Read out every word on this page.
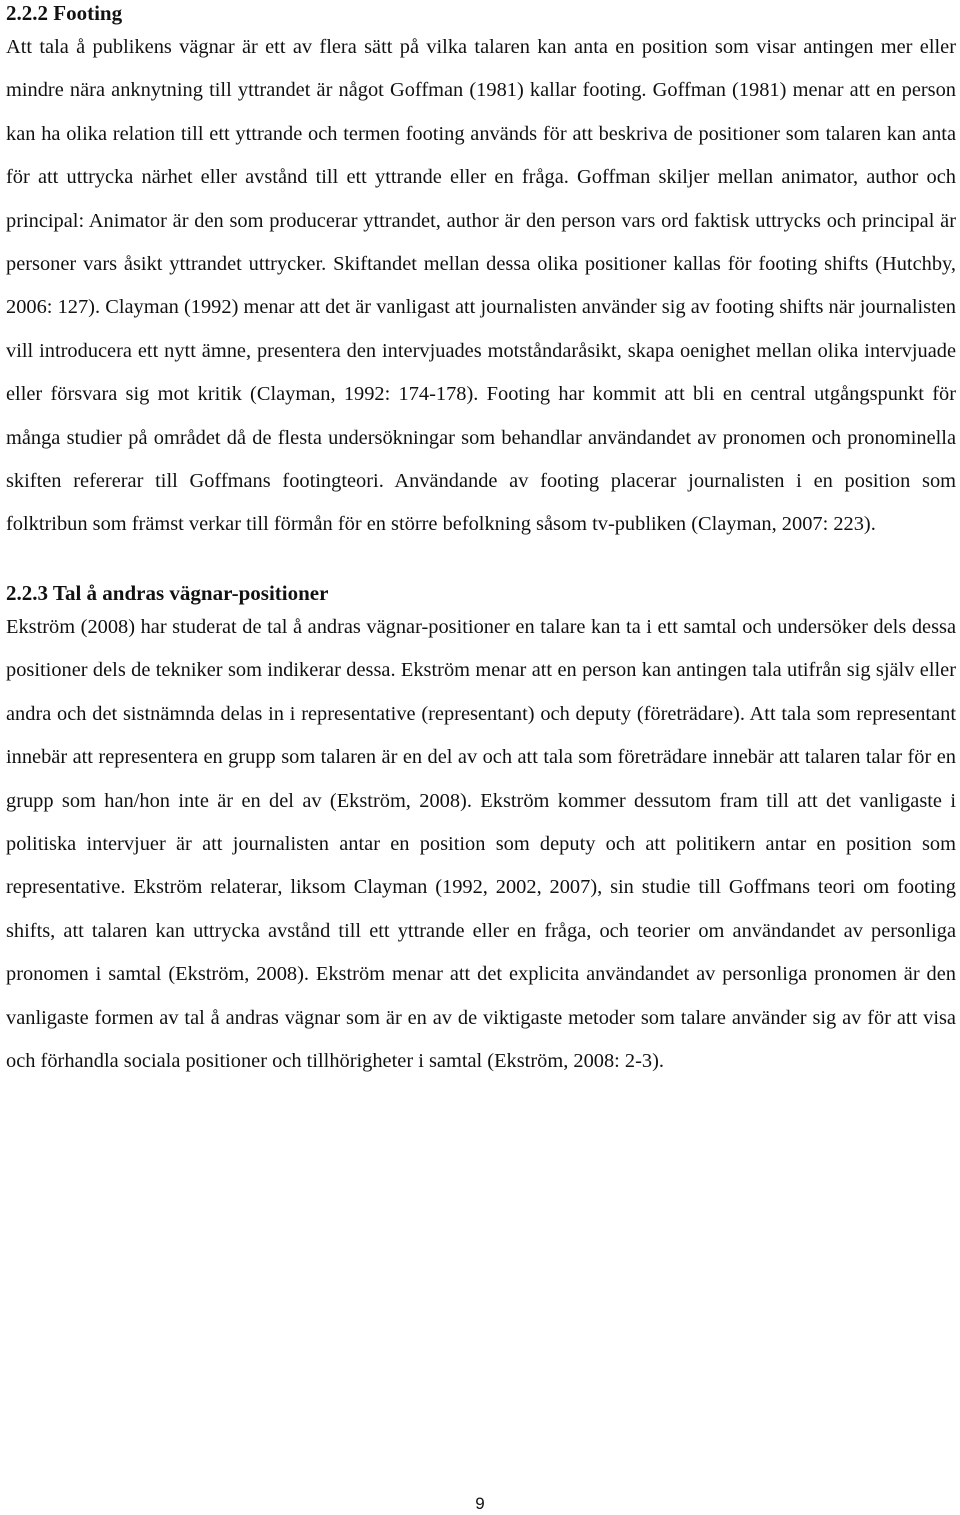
2.2.2 Footing

Att tala å publikens vägnar är ett av flera sätt på vilka talaren kan anta en position som visar antingen mer eller mindre nära anknytning till yttrandet är något Goffman (1981) kallar footing. Goffman (1981) menar att en person kan ha olika relation till ett yttrande och termen footing används för att beskriva de positioner som talaren kan anta för att uttrycka närhet eller avstånd till ett yttrande eller en fråga. Goffman skiljer mellan animator, author och principal: Animator är den som producerar yttrandet, author är den person vars ord faktisk uttrycks och principal är personer vars åsikt yttrandet uttrycker. Skiftandet mellan dessa olika positioner kallas för footing shifts (Hutchby, 2006: 127). Clayman (1992) menar att det är vanligast att journalisten använder sig av footing shifts när journalisten vill introducera ett nytt ämne, presentera den intervjuades motståndaråsikt, skapa oenighet mellan olika intervjuade eller försvara sig mot kritik (Clayman, 1992: 174-178). Footing har kommit att bli en central utgångspunkt för många studier på området då de flesta undersökningar som behandlar användandet av pronomen och pronominella skiften refererar till Goffmans footingteori. Användande av footing placerar journalisten i en position som folktribun som främst verkar till förmån för en större befolkning såsom tv-publiken (Clayman, 2007: 223).

2.2.3 Tal å andras vägnar-positioner

Ekström (2008) har studerat de tal å andras vägnar-positioner en talare kan ta i ett samtal och undersöker dels dessa positioner dels de tekniker som indikerar dessa. Ekström menar att en person kan antingen tala utifrån sig själv eller andra och det sistnämnda delas in i representative (representant) och deputy (företrädare). Att tala som representant innebär att representera en grupp som talaren är en del av och att tala som företrädare innebär att talaren talar för en grupp som han/hon inte är en del av (Ekström, 2008). Ekström kommer dessutom fram till att det vanligaste i politiska intervjuer är att journalisten antar en position som deputy och att politikern antar en position som representative. Ekström relaterar, liksom Clayman (1992, 2002, 2007), sin studie till Goffmans teori om footing shifts, att talaren kan uttrycka avstånd till ett yttrande eller en fråga, och teorier om användandet av personliga pronomen i samtal (Ekström, 2008). Ekström menar att det explicita användandet av personliga pronomen är den vanligaste formen av tal å andras vägnar som är en av de viktigaste metoder som talare använder sig av för att visa och förhandla sociala positioner och tillhörigheter i samtal (Ekström, 2008: 2-3).

9
